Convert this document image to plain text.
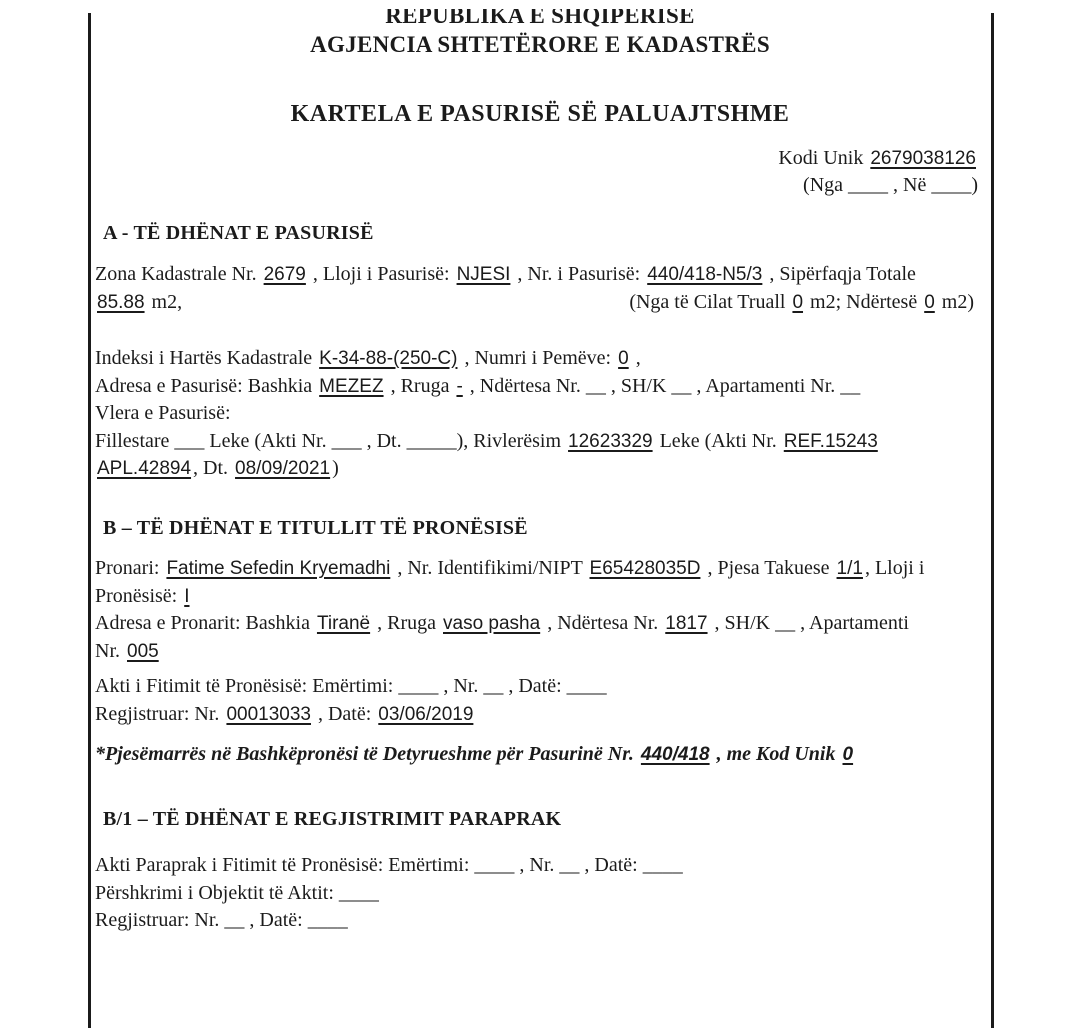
REPUBLIKA E SHQIPERISE
AGJENCIA SHTETËRORE E KADASTRËS
KARTELA E PASURISË SË PALUAJTSHME
Kodi Unik 2679038126
(Nga ____ , Në ____)
A - TË DHËNAT E PASURISË
Zona Kadastrale Nr. 2679 , Lloji i Pasurisë: NJESI , Nr. i Pasurisë: 440/418-N5/3 , Sipërfaqja Totale
85.88 m2,	(Nga të Cilat Truall 0 m2; Ndërtesë 0 m2)
Indeksi i Hartës Kadastrale K-34-88-(250-C) , Numri i Pemëve: 0 ,
Adresa e Pasurisë: Bashkia MEZEZ , Rruga - , Ndërtesa Nr. __ , SH/K __ , Apartamenti Nr. __
Vlera e Pasurisë:
Fillestare ___ Leke (Akti Nr. ___ , Dt. _____), Rivlerësim 12623329 Leke (Akti Nr. REF.15243
APL.42894 , Dt. 08/09/2021 )
B – TË DHËNAT E TITULLIT TË PRONËSISË
Pronari: Fatime Sefedin Kryemadhi , Nr. Identifikimi/NIPT E65428035D , Pjesa Takuese 1/1 , Lloji i
Pronësisë: I
Adresa e Pronarit: Bashkia Tiranë , Rruga vaso pasha , Ndërtesa Nr. 1817 , SH/K __ , Apartamenti
Nr. 005
Akti i Fitimit të Pronësisë: Emërtimi: ____ , Nr. __ , Datë: ____
Regjistruar: Nr. 00013033 , Datë: 03/06/2019
*Pjesëmarrës në Bashkëpronësi të Detyrueshme për Pasurinë Nr. 440/418 , me Kod Unik 0
B/1 – TË DHËNAT E REGJISTRIMIT PARAPRAK
Akti Paraprak i Fitimit të Pronësisë: Emërtimi: ____ , Nr. __ , Datë: ____
Përshkrimi i Objektit të Aktit: ____
Regjistruar: Nr. __ , Datë: ____
